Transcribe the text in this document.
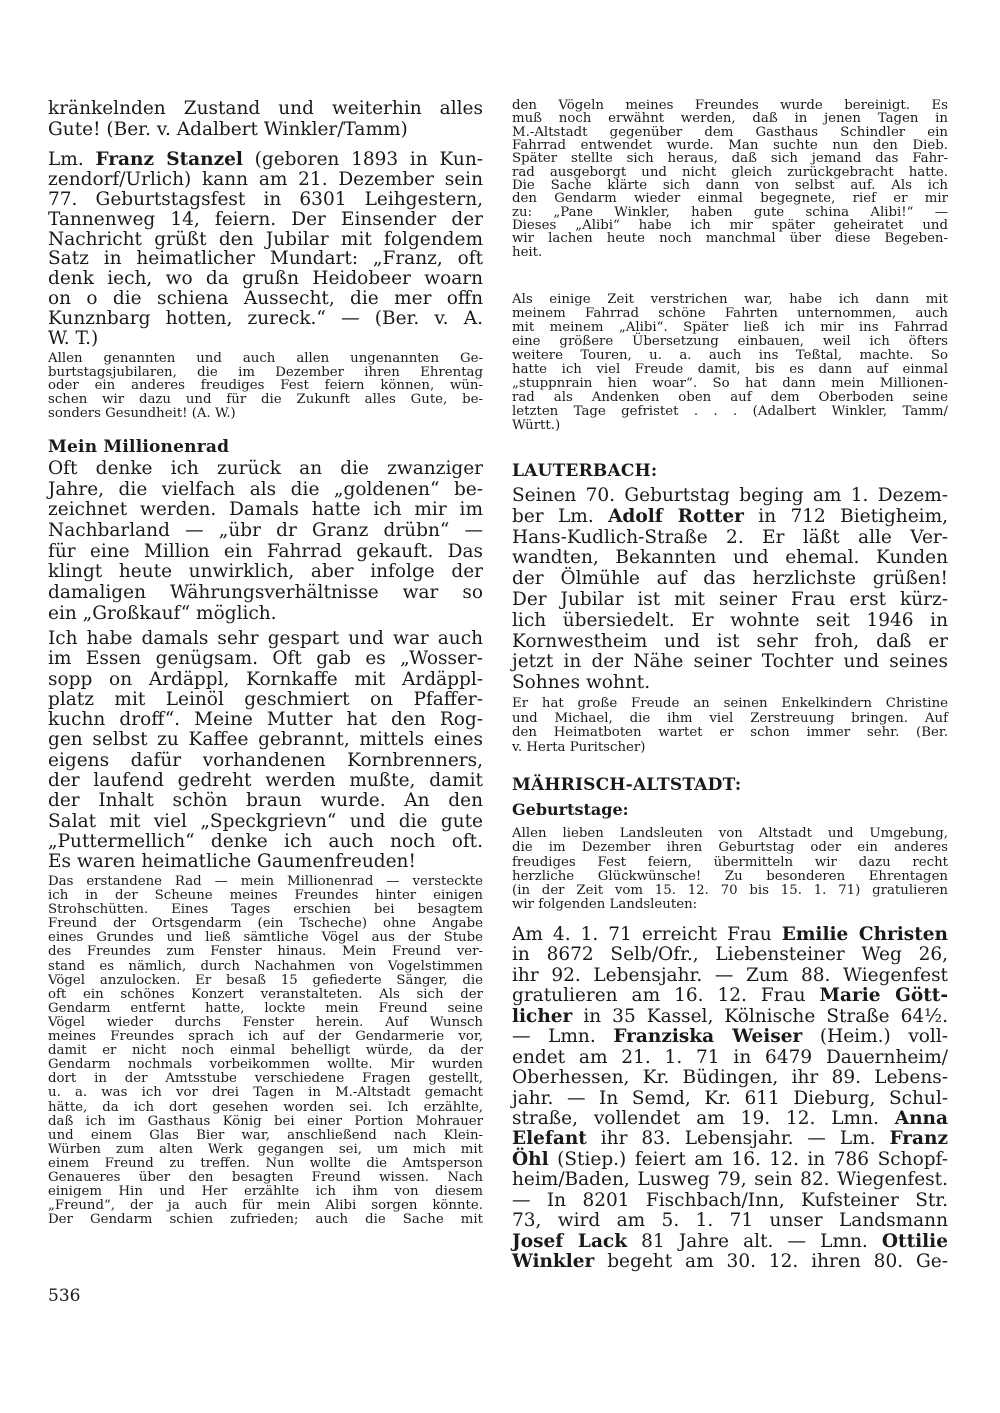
kränkelnden Zustand und weiterhin alles
Gute! (Ber. v. Adalbert Winkler/Tamm)
Lm. Franz Stanzel (geboren 1893 in Kun-
zendorf/Urlich) kann am 21. Dezember sein
77. Geburtstagsfest in 6301 Leihgestern,
Tannenweg 14, feiern. Der Einsender der
Nachricht grüßt den Jubilar mit folgendem
Satz in heimatlicher Mundart: „Franz, oft
denk iech, wo da grußn Heidobeer woarn
on o die schiena Aussecht, die mer offn
Kunznbarg hotten, zureck.“ — (Ber. v. A.
W. T.)
Allen genannten und auch allen ungenannten Ge-
burtstagsjubilaren, die im Dezember ihren Ehrentag
oder ein anderes freudiges Fest feiern können, wün-
schen wir dazu und für die Zukunft alles Gute, be-
sonders Gesundheit! (A. W.)
Mein Millionenrad
Oft denke ich zurück an die zwanziger
Jahre, die vielfach als die „goldenen“ be-
zeichnet werden. Damals hatte ich mir im
Nachbarland — „übr dr Granz drübn“ —
für eine Million ein Fahrrad gekauft. Das
klingt heute unwirklich, aber infolge der
damaligen Währungsverhältnisse war so
ein „Großkauf“ möglich.
Ich habe damals sehr gespart und war auch
im Essen genügsam. Oft gab es „Wosser-
sopp on Ardäppl, Kornkaffe mit Ardäppl-
platz mit Leinöl geschmiert on Pfaffer-
kuchn droff“. Meine Mutter hat den Rog-
gen selbst zu Kaffee gebrannt, mittels eines
eigens dafür vorhandenen Kornbrenners,
der laufend gedreht werden mußte, damit
der Inhalt schön braun wurde. An den
Salat mit viel „Speckgrievn“ und die gute
„Puttermellich“ denke ich auch noch oft.
Es waren heimatliche Gaumenfreuden!
Das erstandene Rad — mein Millionenrad — versteckte
ich in der Scheune meines Freundes hinter einigen
Strohschütten. Eines Tages erschien bei besagtem
Freund der Ortsgendarm (ein Tscheche) ohne Angabe
eines Grundes und ließ sämtliche Vögel aus der Stube
des Freundes zum Fenster hinaus. Mein Freund ver-
stand es nämlich, durch Nachahmen von Vogelstimmen
Vögel anzulocken. Er besaß 15 gefiederte Sänger, die
oft ein schönes Konzert veranstalteten. Als sich der
Gendarm entfernt hatte, lockte mein Freund seine
Vögel wieder durchs Fenster herein. Auf Wunsch
meines Freundes sprach ich auf der Gendarmerie vor,
damit er nicht noch einmal behelligt würde, da der
Gendarm nochmals vorbeikommen wollte. Mir wurden
dort in der Amtsstube verschiedene Fragen gestellt,
u. a. was ich vor drei Tagen in M.-Altstadt gemacht
hätte, da ich dort gesehen worden sei. Ich erzählte,
daß ich im Gasthaus König bei einer Portion Mohrauer
und einem Glas Bier war, anschließend nach Klein-
Würben zum alten Werk gegangen sei, um mich mit
einem Freund zu treffen. Nun wollte die Amtsperson
Genaueres über den besagten Freund wissen. Nach
einigem Hin und Her erzählte ich ihm von diesem
„Freund“, der ja auch für mein Alibi sorgen könnte.
Der Gendarm schien zufrieden; auch die Sache mit
536
den Vögeln meines Freundes wurde bereinigt. Es
muß noch erwähnt werden, daß in jenen Tagen in
M.-Altstadt gegenüber dem Gasthaus Schindler ein
Fahrrad entwendet wurde. Man suchte nun den Dieb.
Später stellte sich heraus, daß sich jemand das Fahr-
rad ausgeborgt und nicht gleich zurückgebracht hatte.
Die Sache klärte sich dann von selbst auf. Als ich
den Gendarm wieder einmal begegnete, rief er mir
zu: „Pane Winkler, haben gute schina Alibi!“ —
Dieses „Alibi“ habe ich mir später geheiratet und
wir lachen heute noch manchmal über diese Begeben-
heit.
Als einige Zeit verstrichen war, habe ich dann mit
meinem Fahrrad schöne Fahrten unternommen, auch
mit meinem „Alibi“. Später ließ ich mir ins Fahrrad
eine größere Übersetzung einbauen, weil ich öfters
weitere Touren, u. a. auch ins Teßtal, machte. So
hatte ich viel Freude damit, bis es dann auf einmal
„stuppnrain hien woar“. So hat dann mein Millionen-
rad als Andenken oben auf dem Oberboden seine
letzten Tage gefristet . . . (Adalbert Winkler, Tamm/
Württ.)
LAUTERBACH:
Seinen 70. Geburtstag beging am 1. Dezem-
ber Lm. Adolf Rotter in 712 Bietigheim,
Hans-Kudlich-Straße 2. Er läßt alle Ver-
wandten, Bekannten und ehemal. Kunden
der Ölmühle auf das herzlichste grüßen!
Der Jubilar ist mit seiner Frau erst kürz-
lich übersiedelt. Er wohnte seit 1946 in
Kornwestheim und ist sehr froh, daß er
jetzt in der Nähe seiner Tochter und seines
Sohnes wohnt.
Er hat große Freude an seinen Enkelkindern Christine
und Michael, die ihm viel Zerstreuung bringen. Auf
den Heimatboten wartet er schon immer sehr. (Ber.
v. Herta Puritscher)
MÄHRISCH-ALTSTADT:
Geburtstage:
Allen lieben Landsleuten von Altstadt und Umgebung,
die im Dezember ihren Geburtstag oder ein anderes
freudiges Fest feiern, übermitteln wir dazu recht
herzliche Glückwünsche! Zu besonderen Ehrentagen
(in der Zeit vom 15. 12. 70 bis 15. 1. 71) gratulieren
wir folgenden Landsleuten:
Am 4. 1. 71 erreicht Frau Emilie Christen
in 8672 Selb/Ofr., Liebensteiner Weg 26,
ihr 92. Lebensjahr. — Zum 88. Wiegenfest
gratulieren am 16. 12. Frau Marie Gött-
licher in 35 Kassel, Kölnische Straße 64½.
— Lmn. Franziska Weiser (Heim.) voll-
endet am 21. 1. 71 in 6479 Dauernheim/
Oberhessen, Kr. Büdingen, ihr 89. Lebens-
jahr. — In Semd, Kr. 611 Dieburg, Schul-
straße, vollendet am 19. 12. Lmn. Anna
Elefant ihr 83. Lebensjahr. — Lm. Franz
Öhl (Stiep.) feiert am 16. 12. in 786 Schopf-
heim/Baden, Lusweg 79, sein 82. Wiegenfest.
— In 8201 Fischbach/Inn, Kufsteiner Str.
73, wird am 5. 1. 71 unser Landsmann
Josef Lack 81 Jahre alt. — Lmn. Ottilie
Winkler begeht am 30. 12. ihren 80. Ge-
